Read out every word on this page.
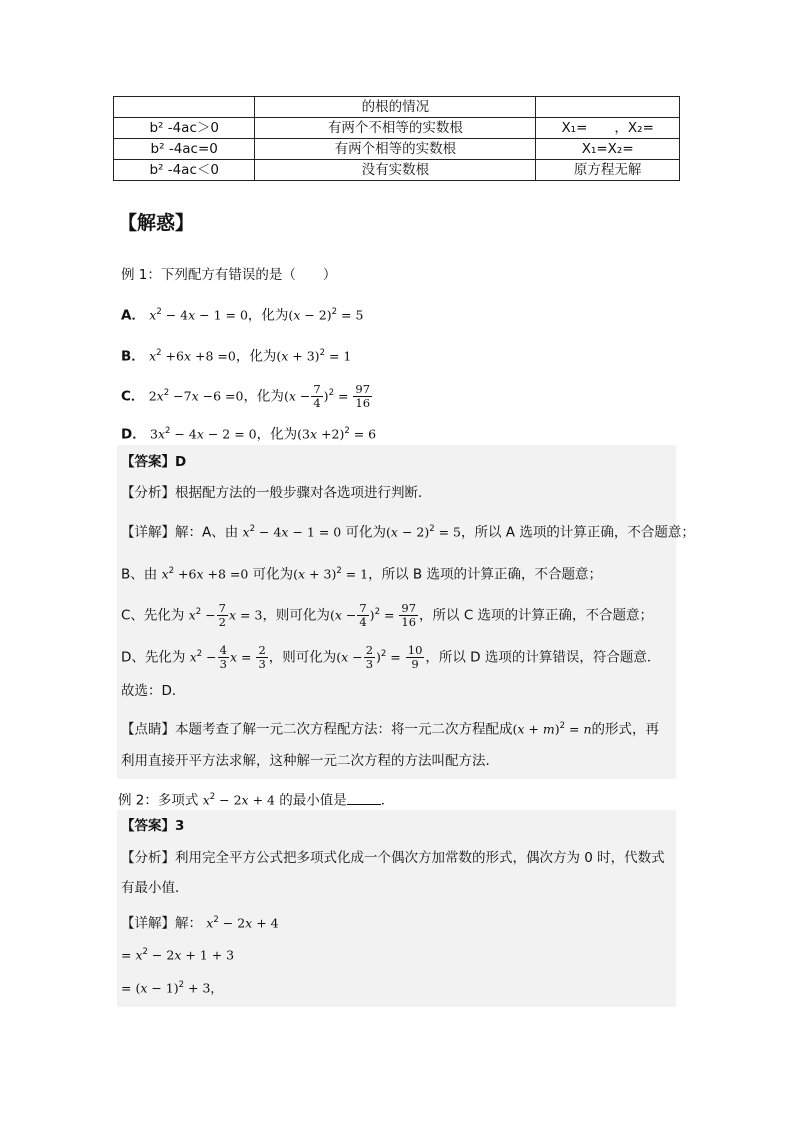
	的根的情况	
b² -4ac＞0	有两个不相等的实数根	X₁=   ，X₂=
b² -4ac=0	有两个相等的实数根	X₁=X₂=
b² -4ac＜0	没有实数根	原方程无解
【解惑】
例 1：下列配方有错误的是（　　）
A． $x^2 - 4x - 1 = 0$，化为$(x - 2)^2 = 5$
B． $x^2 +6x +8 =0$，化为$(x + 3)^2 = 1$
C． $2x^2 -7x -6 =0$，化为$(x - \frac{7}{4} )^2 = \frac{97}{16}$
D． $3x^2 - 4x - 2 = 0$，化为$(3x +2)^2 = 6$
【答案】D
【分析】根据配方法的一般步骤对各选项进行判断．
【详解】解：A、由 $x^2 - 4x - 1 = 0$ 可化为$(x - 2)^2 = 5$，所以 A 选项的计算正确，不合题意；
B、由 $x^2 +6x +8 =0$ 可化为$(x + 3)^2 = 1$，所以 B 选项的计算正确，不合题意；
C、先化为 $x^2 - \frac{7}{2}$ x = 3，则可化为$(x - \frac{7}{4} )^2 = \frac{97}{16}$ ，所以 C 选项的计算正确，不合题意；
D、先化为 $x^2 - \frac{4}{3}$ $x = \frac{2}{3}$ ，则可化为$(x - \frac{2}{3} )^2 = \frac{10}{9}$ ，所以 D 选项的计算错误，符合题意．
故选：D．
【点睛】本题考查了解一元二次方程配方法：将一元二次方程配成$(x + m)^2 = n$的形式，再
利用直接开平方法求解，这种解一元二次方程的方法叫配方法．
例 2：多项式 $x^2 - 2x + 4$ 的最小值是	．
【答案】3
【分析】利用完全平方公式把多项式化成一个偶次方加常数的形式，偶次方为 0 时，代数式
有最小值．
【详解】解： $x^2 - 2x + 4$
= $x^2 - 2x + 1 + 3$
= $(x - 1)^2 + 3$，
